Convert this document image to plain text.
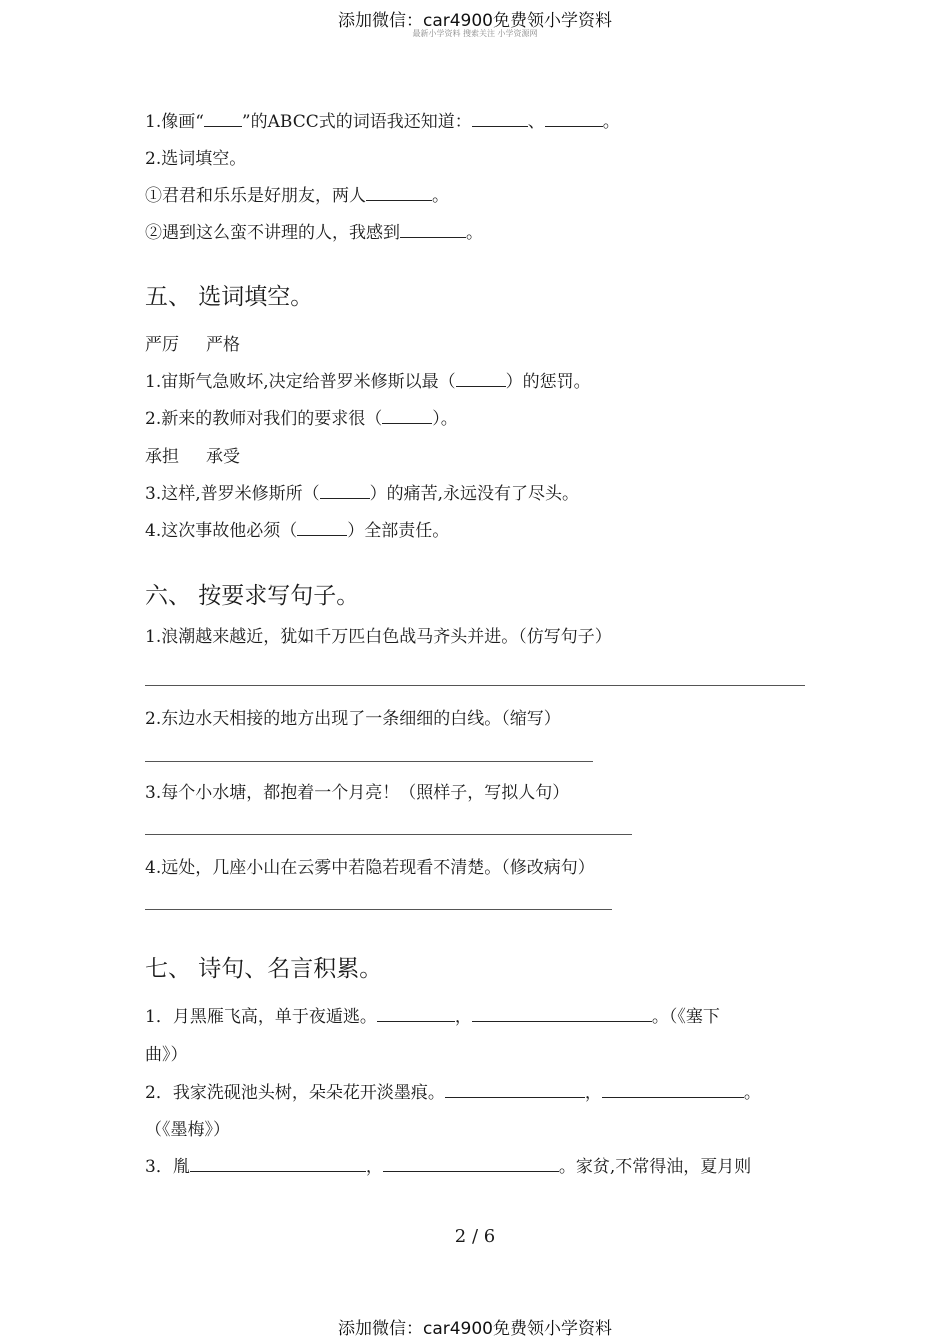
添加微信：car4900免费领小学资料
最新小学资料 搜索关注 小学资源网
1.像画“ ”的ABCC式的词语我还知道：	、	。
2.选词填空。
①君君和乐乐是好朋友，两人	。
②遇到这么蛮不讲理的人，我感到	。
五、 选词填空。
严厉     严格
1.宙斯气急败坏,决定给普罗米修斯以最（	）的惩罚。
2.新来的教师对我们的要求很（	）。
承担     承受
3.这样,普罗米修斯所（	）的痛苦,永远没有了尽头。
4.这次事故他必须（	）全部责任。
六、 按要求写句子。
1.浪潮越来越近，犹 •如 •千万匹白色战马齐头并进。（仿写句子）
2.东边水天相接的地方出现了一条细细的白线。（缩写）
3.每个小水塘，都抱着一个月亮！（照样子，写拟人句）
4.远处，几座小山在云雾中若隐若现看不清楚。（修改病句）
七、 诗句、名言积累。
1．月黑雁飞高，单于夜遁逃。	，	。（《塞下
曲》）
2．我家洗砚池头树，朵朵花开淡墨痕。	，	。
（《墨梅》）
3．胤	，	。家贫,不常得油，夏月则
2 / 6
添加微信：car4900免费领小学资料
